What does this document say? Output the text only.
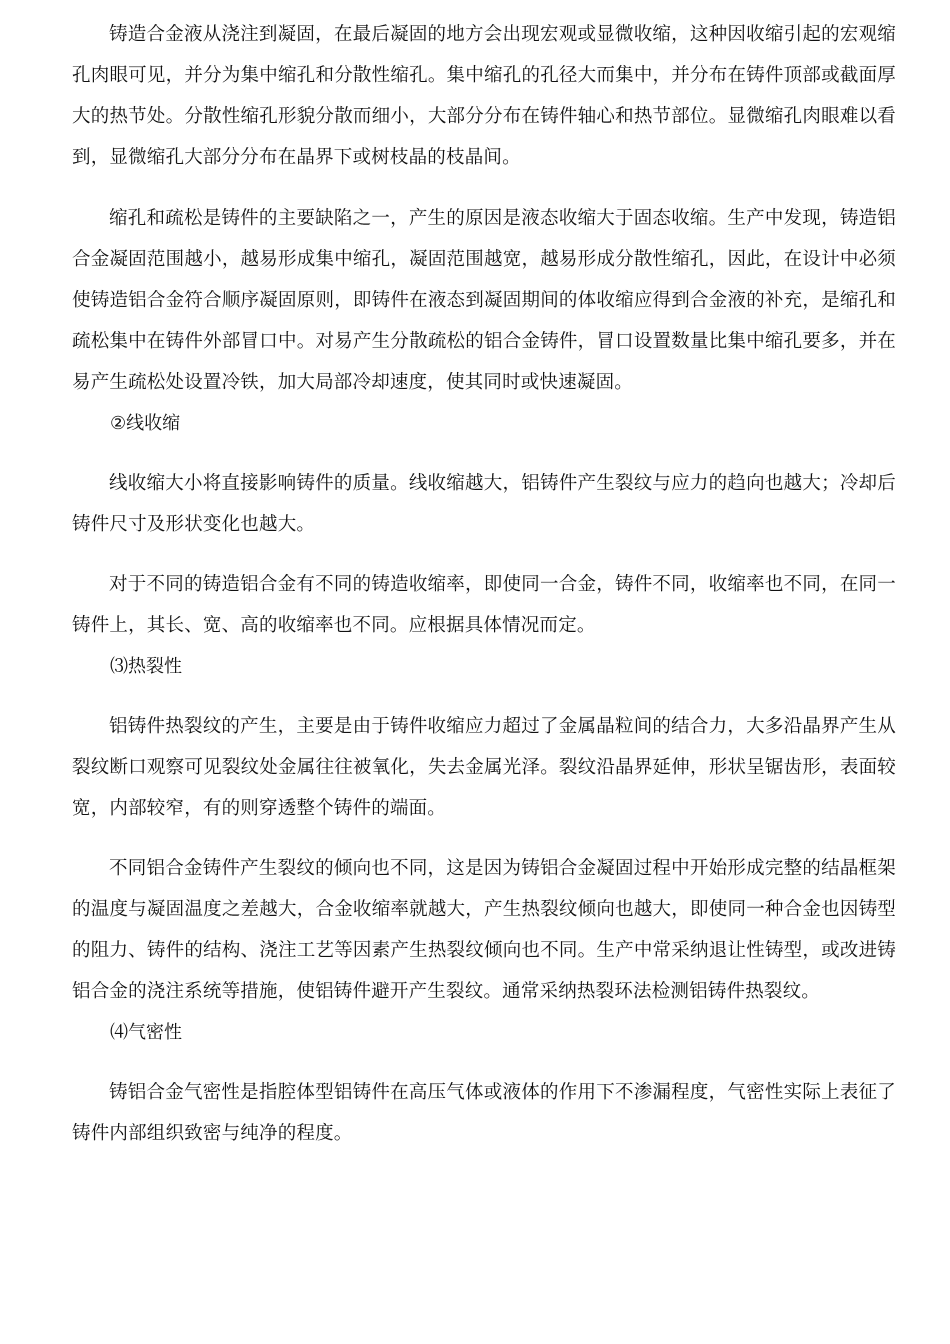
铸造合金液从浇注到凝固，在最后凝固的地方会出现宏观或显微收缩，这种因收缩引起的宏观缩孔肉眼可见，并分为集中缩孔和分散性缩孔。集中缩孔的孔径大而集中，并分布在铸件顶部或截面厚大的热节处。分散性缩孔形貌分散而细小，大部分分布在铸件轴心和热节部位。显微缩孔肉眼难以看到，显微缩孔大部分分布在晶界下或树枝晶的枝晶间。

缩孔和疏松是铸件的主要缺陷之一，产生的原因是液态收缩大于固态收缩。生产中发现，铸造铝合金凝固范围越小，越易形成集中缩孔，凝固范围越宽，越易形成分散性缩孔，因此，在设计中必须使铸造铝合金符合顺序凝固原则，即铸件在液态到凝固期间的体收缩应得到合金液的补充，是缩孔和疏松集中在铸件外部冒口中。对易产生分散疏松的铝合金铸件，冒口设置数量比集中缩孔要多，并在易产生疏松处设置冷铁，加大局部冷却速度，使其同时或快速凝固。

②线收缩

线收缩大小将直接影响铸件的质量。线收缩越大，铝铸件产生裂纹与应力的趋向也越大；冷却后铸件尺寸及形状变化也越大。

对于不同的铸造铝合金有不同的铸造收缩率，即使同一合金，铸件不同，收缩率也不同，在同一铸件上，其长、宽、高的收缩率也不同。应根据具体情况而定。

⑶热裂性

铝铸件热裂纹的产生，主要是由于铸件收缩应力超过了金属晶粒间的结合力，大多沿晶界产生从裂纹断口观察可见裂纹处金属往往被氧化，失去金属光泽。裂纹沿晶界延伸，形状呈锯齿形，表面较宽，内部较窄，有的则穿透整个铸件的端面。

不同铝合金铸件产生裂纹的倾向也不同，这是因为铸铝合金凝固过程中开始形成完整的结晶框架的温度与凝固温度之差越大，合金收缩率就越大，产生热裂纹倾向也越大，即使同一种合金也因铸型的阻力、铸件的结构、浇注工艺等因素产生热裂纹倾向也不同。生产中常采纳退让性铸型，或改进铸铝合金的浇注系统等措施，使铝铸件避开产生裂纹。通常采纳热裂环法检测铝铸件热裂纹。

⑷气密性

铸铝合金气密性是指腔体型铝铸件在高压气体或液体的作用下不渗漏程度，气密性实际上表征了铸件内部组织致密与纯净的程度。
